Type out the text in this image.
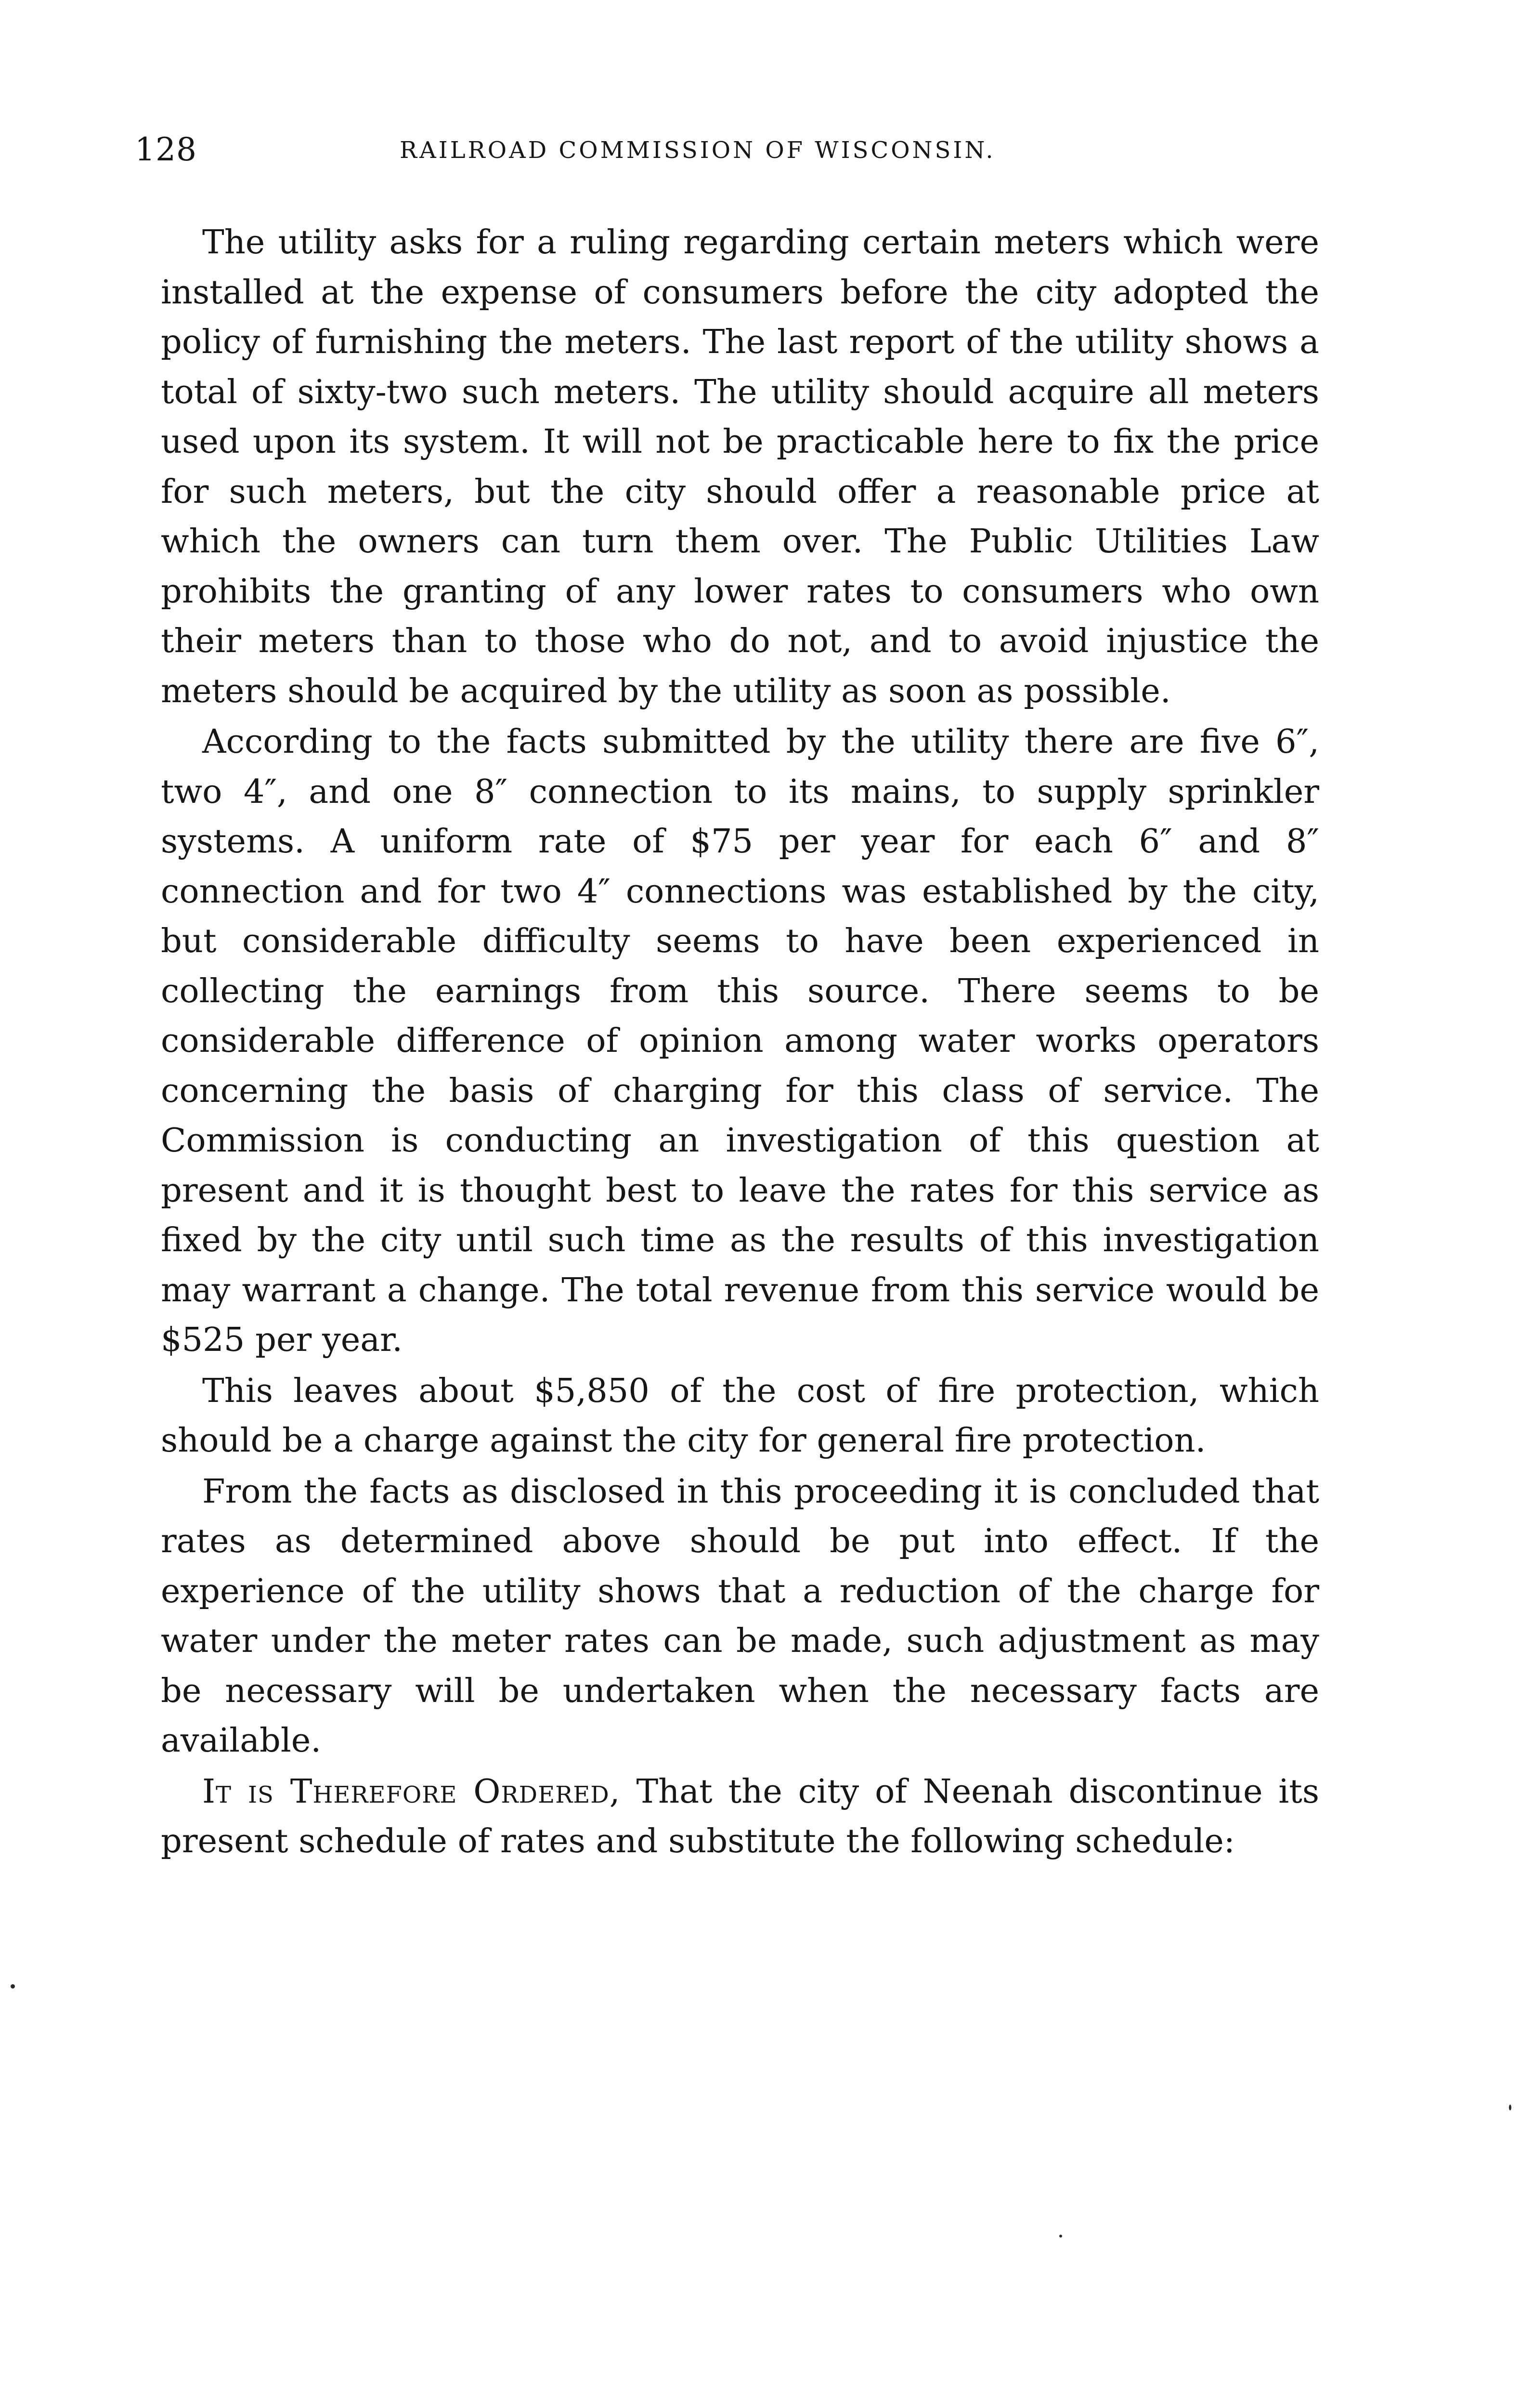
128	RAILROAD COMMISSION OF WISCONSIN.

The utility asks for a ruling regarding certain meters which were installed at the expense of consumers before the city adopted the policy of furnishing the meters. The last report of the utility shows a total of sixty-two such meters. The utility should acquire all meters used upon its system. It will not be practicable here to fix the price for such meters, but the city should offer a reasonable price at which the owners can turn them over. The Public Utilities Law prohibits the granting of any lower rates to consumers who own their meters than to those who do not, and to avoid injustice the meters should be acquired by the utility as soon as possible.

According to the facts submitted by the utility there are five 6″, two 4″, and one 8″ connection to its mains, to supply sprinkler systems. A uniform rate of $75 per year for each 6″ and 8″ connection and for two 4″ connections was established by the city, but considerable difficulty seems to have been experienced in collecting the earnings from this source. There seems to be considerable difference of opinion among water works operators concerning the basis of charging for this class of service. The Commission is conducting an investigation of this question at present and it is thought best to leave the rates for this service as fixed by the city until such time as the results of this investigation may warrant a change. The total revenue from this service would be $525 per year.

This leaves about $5,850 of the cost of fire protection, which should be a charge against the city for general fire protection.

From the facts as disclosed in this proceeding it is concluded that rates as determined above should be put into effect. If the experience of the utility shows that a reduction of the charge for water under the meter rates can be made, such adjustment as may be necessary will be undertaken when the necessary facts are available.

It is Therefore Ordered, That the city of Neenah discontinue its present schedule of rates and substitute the following schedule:
